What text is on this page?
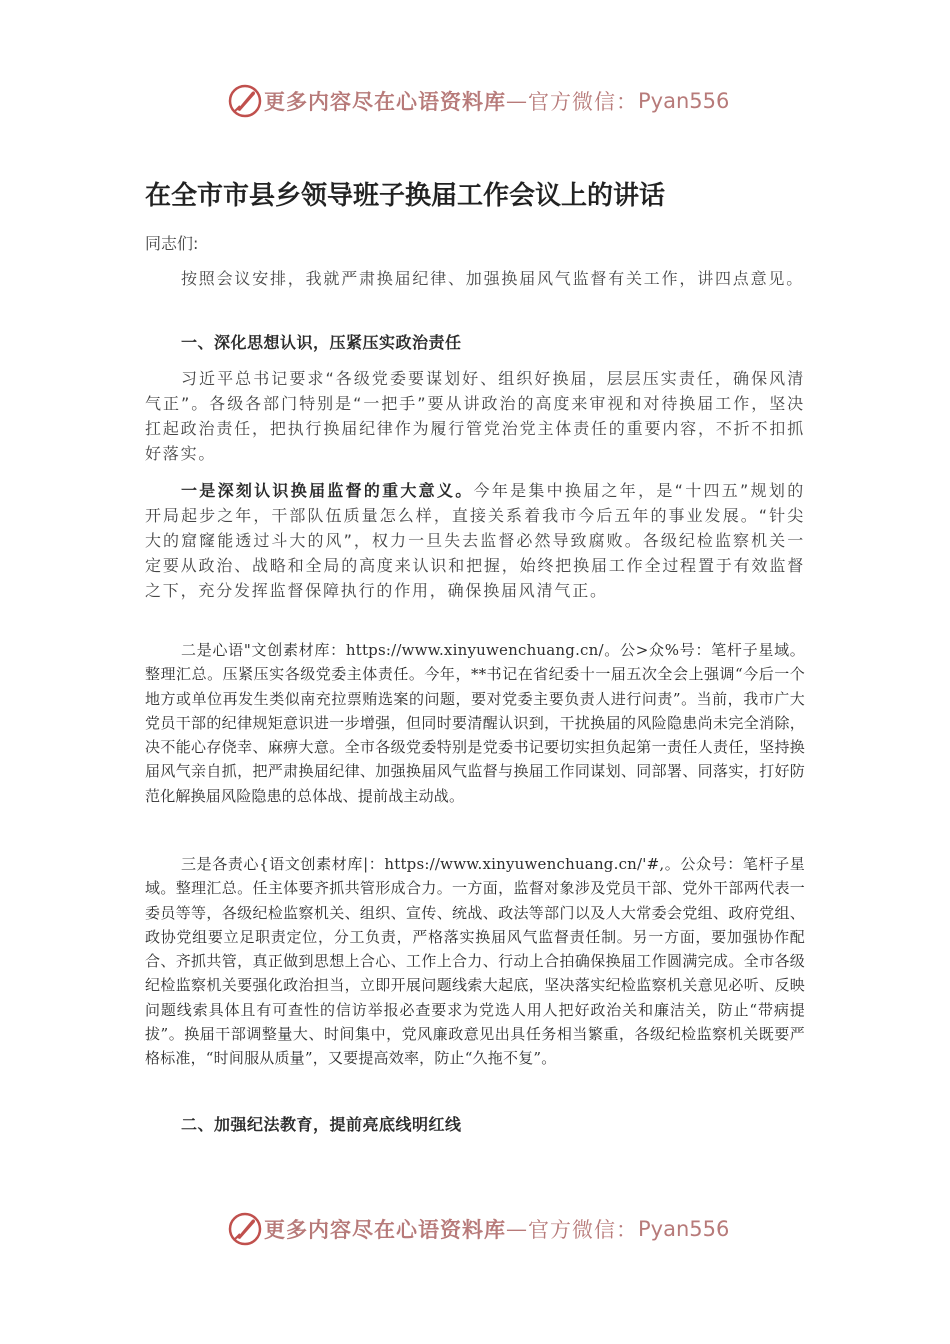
更多内容尽在心语资料库 — 官方微信： Pyan556
在全市市县乡领导班子换届工作会议上的讲话
同志们:

按照会议安排，我就严肃换届纪律、加强换届风气监督有关工作，讲四点意见。

一、深化思想认识，压紧压实政治责任

习近平总书记要求“各级党委要谋划好、组织好换届，层层压实责任，确保风清气正”。各级各部门特别是“一把手”要从讲政治的高度来审视和对待换届工作，坚决扛起政治责任，把执行换届纪律作为履行管党治党主体责任的重要内容，不折不扣抓好落实。

一是深刻认识换届监督的重大意义。今年是集中换届之年，是“十四五”规划的开局起步之年，干部队伍质量怎么样，直接关系着我市今后五年的事业发展。“针尖大的窟窿能透过斗大的风”，权力一旦失去监督必然导致腐败。各级纪检监察机关一定要从政治、战略和全局的高度来认识和把握，始终把换届工作全过程置于有效监督之下，充分发挥监督保障执行的作用，确保换届风清气正。

二是心语"文创素材库：https://www.xinyuwenchuang.cn/。公>众%号：笔杆子星域。整理汇总。压紧压实各级党委主体责任。今年，**书记在省纪委十一届五次全会上强调“今后一个地方或单位再发生类似南充拉票贿选案的问题，要对党委主要负责人进行问责”。当前，我市广大党员干部的纪律规矩意识进一步增强，但同时要清醒认识到，干扰换届的风险隐患尚未完全消除，决不能心存侥幸、麻痹大意。全市各级党委特别是党委书记要切实担负起第一责任人责任，坚持换届风气亲自抓，把严肃换届纪律、加强换届风气监督与换届工作同谋划、同部署、同落实，打好防范化解换届风险隐患的总体战、提前战主动战。

三是各责心{语文创素材库|：https://www.xinyuwenchuang.cn/'#,。公众号：笔杆子星域。整理汇总。任主体要齐抓共管形成合力。一方面，监督对象涉及党员干部、党外干部两代表一委员等等，各级纪检监察机关、组织、宣传、统战、政法等部门以及人大常委会党组、政府党组、政协党组要立足职责定位，分工负责，严格落实换届风气监督责任制。另一方面，要加强协作配合、齐抓共管，真正做到思想上合心、工作上合力、行动上合拍确保换届工作圆满完成。全市各级纪检监察机关要强化政治担当，立即开展问题线索大起底，坚决落实纪检监察机关意见必听、反映问题线索具体且有可查性的信访举报必查要求为党选人用人把好政治关和廉洁关，防止“带病提拔”。换届干部调整量大、时间集中，党风廉政意见出具任务相当繁重，各级纪检监察机关既要严格标准，“时间服从质量”，又要提高效率，防止“久拖不复”。

二、加强纪法教育，提前亮底线明红线

更多内容尽在心语资料库 — 官方微信： Pyan556
